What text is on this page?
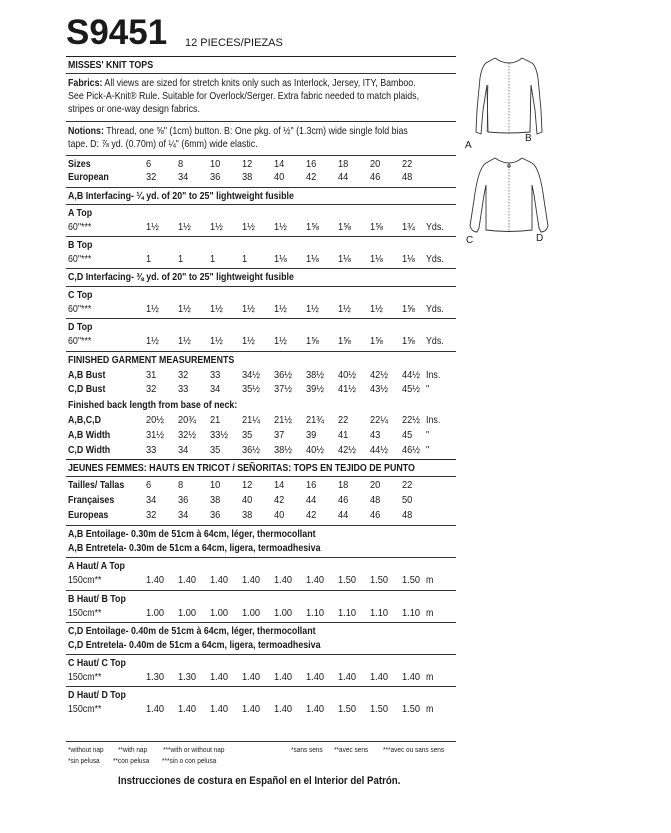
S9451 12 PIECES/PIEZAS
MISSES' KNIT TOPS
Fabrics: All views are sized for stretch knits only such as Interlock, Jersey, ITY, Bamboo.
See Pick-A-Knit® Rule. Suitable for Overlock/Serger. Extra fabric needed to match plaids,
stripes or one-way design fabrics.
Notions: Thread, one ⅝" (1cm) button. B: One pkg. of ½" (1.3cm) wide single fold bias
tape. D: ⅞ yd. (0.70m) of ¼" (6mm) wide elastic.
Sizes	6	8	10 12 14 16 18 20 22
European	32 34 36 38 40 42 44 46 48
A,B Interfacing- ¼ yd. of 20" to 25" lightweight fusible
A Top
60"***	1½ 1½ 1½ 1½ 1½ 1⅝ 1⅝ 1⅝ 1¾ Yds.
B Top
60"***	1	1	1	1	1⅛ 1⅛ 1⅛ 1⅛ 1⅛ Yds.
C,D Interfacing- ⅜ yd. of 20" to 25" lightweight fusible
C Top
60"***	1½ 1½ 1½ 1½ 1½ 1½ 1½ 1½ 1⅝ Yds.
D Top
60"***	1½ 1½ 1½ 1½ 1½ 1⅝ 1⅝ 1⅝ 1⅝ Yds.
FINISHED GARMENT MEASUREMENTS
A,B Bust	31 32 33 34½ 36½ 38½ 40½ 42½ 44½ Ins.
C,D Bust	32 33 34 35½ 37½ 39½ 41½ 43½ 45½ "
Finished back length from base of neck:
A,B,C,D	20½ 20¾ 21 21¼ 21½ 21¾ 22 22¼ 22½ Ins.
A,B Width	31½ 32½ 33½ 35 37 39 41 43 45 "
C,D Width	33 34 35 36½ 38½ 40½ 42½ 44½ 46½ "
JEUNES FEMMES: HAUTS EN TRICOT / SEÑORITAS: TOPS EN TEJIDO DE PUNTO
Tailles/ Tallas 6	8	10 12 14 16 18 20 22
Françaises	34 36 38 40 42 44 46 48 50
Europeas	32 34 36 38 40 42 44 46 48
A,B Entoilage- 0.30m de 51cm à 64cm, léger, thermocollant
A,B Entretela- 0.30m de 51cm a 64cm, ligera, termoadhesiva
A Haut/ A Top
150cm**	1.40 1.40 1.40 1.40 1.40 1.40 1.50 1.50 1.50 m
B Haut/ B Top
150cm**	1.00 1.00 1.00 1.00 1.00 1.10 1.10 1.10 1.10 m
C,D Entoilage- 0.40m de 51cm à 64cm, léger, thermocollant
C,D Entretela- 0.40m de 51cm a 64cm, ligera, termoadhesiva
C Haut/ C Top
150cm**	1.30 1.30 1.40 1.40 1.40 1.40 1.40 1.40 1.40 m
D Haut/ D Top
150cm**	1.40 1.40 1.40 1.40 1.40 1.40 1.50 1.50 1.50 m
*without nap **with nap ***with or without nap
*sin pelusa **con pelusa ***sin o con pelusa
*sans sens **avec sens ***avec ou sans sens
Instrucciones de costura en Español en el Interior del Patrón.
A
B
C	D
